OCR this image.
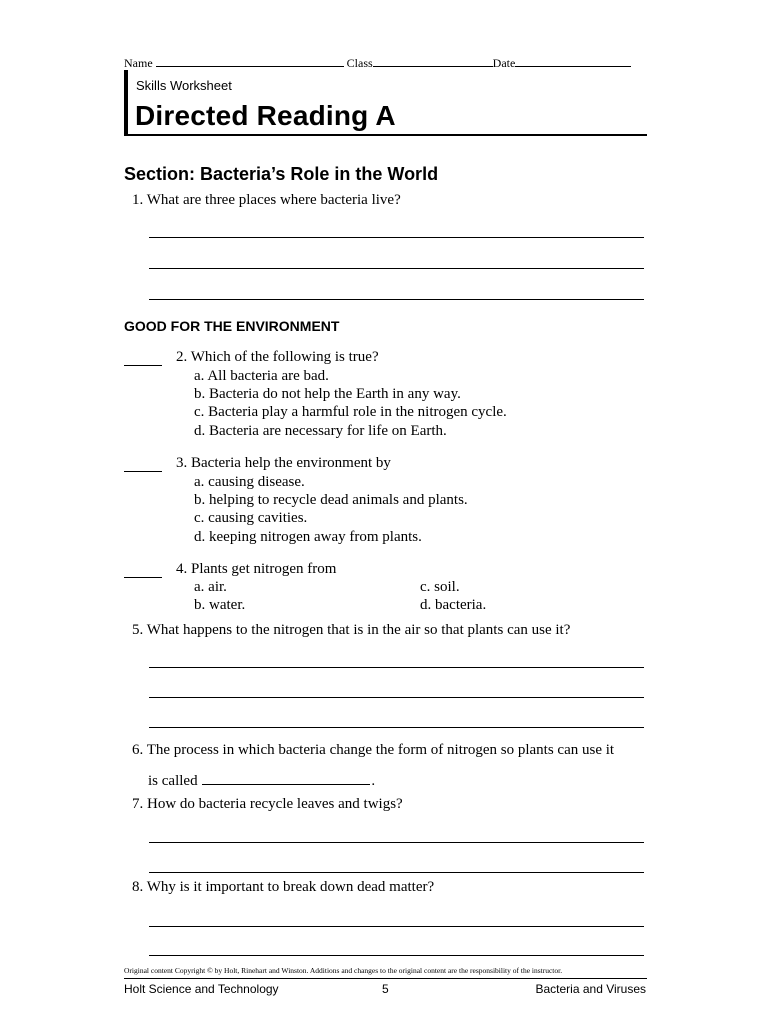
Name	Class	Date
Skills Worksheet
Directed Reading A
Section: Bacteria’s Role in the World
1. What are three places where bacteria live?
GOOD FOR THE ENVIRONMENT
2. Which of the following is true?
a. All bacteria are bad.
b. Bacteria do not help the Earth in any way.
c. Bacteria play a harmful role in the nitrogen cycle.
d. Bacteria are necessary for life on Earth.
3. Bacteria help the environment by
a. causing disease.
b. helping to recycle dead animals and plants.
c. causing cavities.
d. keeping nitrogen away from plants.
4. Plants get nitrogen from
a. air.
b. water.
c. soil.
d. bacteria.
5. What happens to the nitrogen that is in the air so that plants can use it?
6. The process in which bacteria change the form of nitrogen so plants can use it
is called	.
7. How do bacteria recycle leaves and twigs?
8. Why is it important to break down dead matter?
Original content Copyright © by Holt, Rinehart and Winston. Additions and changes to the original content are the responsibility of the instructor.
Holt Science and Technology	5	Bacteria and Viruses
